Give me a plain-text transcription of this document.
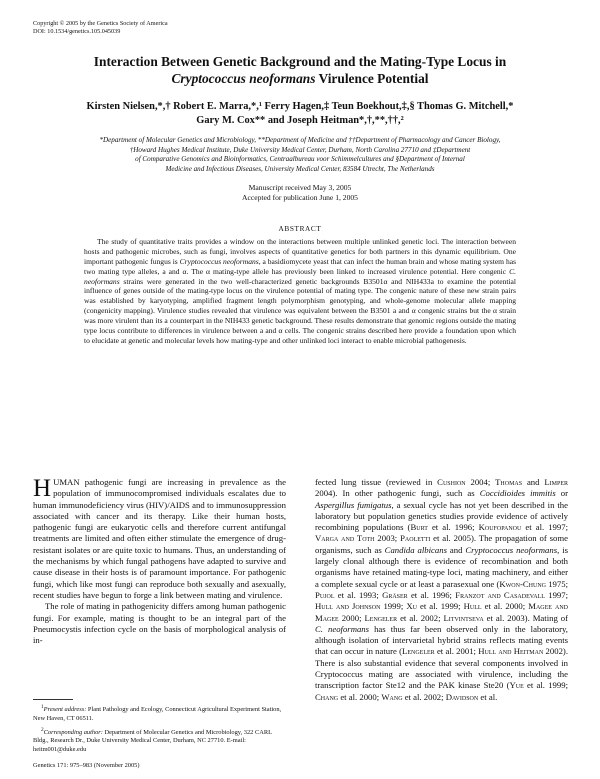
Copyright © 2005 by the Genetics Society of America
DOI: 10.1534/genetics.105.045039
Interaction Between Genetic Background and the Mating-Type Locus in
Cryptococcus neoformans Virulence Potential
Kirsten Nielsen,*,† Robert E. Marra,*,¹ Ferry Hagen,‡ Teun Boekhout,‡,§ Thomas G. Mitchell,*
Gary M. Cox** and Joseph Heitman*,†,**,††,²
*Department of Molecular Genetics and Microbiology, **Department of Medicine and ††Department of Pharmacology and Cancer Biology,
†Howard Hughes Medical Institute, Duke University Medical Center, Durham, North Carolina 27710 and ‡Department
of Comparative Genomics and Bioinformatics, Centraalbureau voor Schimmelcultures and §Department of Internal
Medicine and Infectious Diseases, University Medical Center, 83584 Utrecht, The Netherlands
Manuscript received May 3, 2005
Accepted for publication June 1, 2005
ABSTRACT

The study of quantitative traits provides a window on the interactions between multiple unlinked genetic loci. The interaction between hosts and pathogenic microbes, such as fungi, involves aspects of quantitative genetics for both partners in this dynamic equilibrium. One important pathogenic fungus is Cryptococcus neoformans, a basidiomycete yeast that can infect the human brain and whose mating system has two mating type alleles, a and α. The α mating-type allele has previously been linked to increased virulence potential. Here congenic C. neoformans strains were generated in the two well-characterized genetic backgrounds B3501α and NIH433a to examine the potential influence of genes outside of the mating-type locus on the virulence potential of mating type. The congenic nature of these new strain pairs was established by karyotyping, amplified fragment length polymorphism genotyping, and whole-genome molecular allele mapping (congenicity mapping). Virulence studies revealed that virulence was equivalent between the B3501 a and α congenic strains but the α strain was more virulent than its a counterpart in the NIH433 genetic background. These results demonstrate that genomic regions outside the mating type locus contribute to differences in virulence between a and α cells. The congenic strains described here provide a foundation upon which to elucidate at genetic and molecular levels how mating-type and other unlinked loci interact to enable microbial pathogenesis.

HUMAN pathogenic fungi are increasing in prevalence as the population of immunocompromised individuals escalates due to human immunodeficiency virus (HIV)/AIDS and to immunosuppression associated with cancer and its therapy. Like their human hosts, pathogenic fungi are eukaryotic cells and therefore current antifungal treatments are limited and often either stimulate the emergence of drug-resistant isolates or are quite toxic to humans. Thus, an understanding of the mechanisms by which fungal pathogens have adapted to survive and cause disease in their hosts is of paramount importance. For pathogenic fungi, which like most fungi can reproduce both sexually and asexually, recent studies have begun to forge a link between mating and virulence.

The role of mating in pathogenicity differs among human pathogenic fungi. For example, mating is thought to be an integral part of the Pneumocystis infection cycle on the basis of morphological analysis of in-

fected lung tissue (reviewed in Cushion 2004; Thomas and Limper 2004). In other pathogenic fungi, such as Coccidioides immitis or Aspergillus fumigatus, a sexual cycle has not yet been described in the laboratory but population genetics studies provide evidence of actively recombining populations (Burt et al. 1996; Koufopanou et al. 1997; Varga and Toth 2003; Paoletti et al. 2005). The propagation of some organisms, such as Candida albicans and Cryptococcus neoformans, is largely clonal although there is evidence of recombination and both organisms have retained mating-type loci, mating machinery, and either a complete sexual cycle or at least a parasexual one (Kwon-Chung 1975; Pujol et al. 1993; Gräser et al. 1996; Franzot and Casadevall 1997; Hull and Johnson 1999; Xu et al. 1999; Hull et al. 2000; Magee and Magee 2000; Lengeler et al. 2002; Litvintseva et al. 2003). Mating of C. neoformans has thus far been observed only in the laboratory, although isolation of intervarietal hybrid strains reflects mating events that can occur in nature (Lengeler et al. 2001; Hull and Heitman 2002). There is also substantial evidence that several components involved in Cryptococcus mating are associated with virulence, including the transcription factor Ste12 and the PAK kinase Ste20 (Yue et al. 1999; Chang et al. 2000; Wang et al. 2002; Davidson et al.

$^1$Present address: Plant Pathology and Ecology, Connecticut Agricultural Experiment Station, New Haven, CT 06511.

$^2$Corresponding author: Department of Molecular Genetics and Microbiology, 322 CARL Bldg., Research Dr., Duke University Medical Center, Durham, NC 27710. E-mail: heitm001@duke.edu

Genetics 171: 975–983 (November 2005)
